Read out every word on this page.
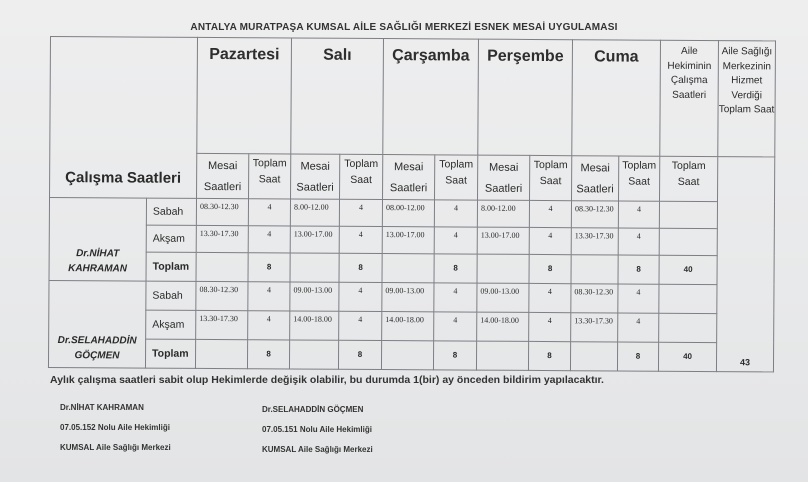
ANTALYA MURATPAŞA KUMSAL AİLE SAĞLIĞI MERKEZİ ESNEK MESAİ UYGULAMASI
Çalışma Saatleri		Pazartesi		Salı		Çarşamba		Perşembe		Cuma		Aile Hekiminin Çalışma Saatleri	Aile Sağlığı Merkezinin Hizmet Verdiği Toplam Saat
		Mesai Saatleri	Toplam Saat	Mesai Saatleri	Toplam Saat	Mesai Saatleri	Toplam Saat	Mesai Saatleri	Toplam Saat	Mesai Saatleri	Toplam Saat	Toplam Saat	43
Dr.NİHAT KAHRAMAN	Sabah	08.30-12.30	4	8.00-12.00	4	08.00-12.00	4	8.00-12.00	4	08.30-12.30	4		
	Akşam	13.30-17.30	4	13.00-17.00	4	13.00-17.00	4	13.00-17.00	4	13.30-17.30	4		
	Toplam		8		8		8		8		8	40	
Dr.SELAHADDİN GÖÇMEN	Sabah	08.30-12.30	4	09.00-13.00	4	09.00-13.00	4	09.00-13.00	4	08.30-12.30	4		
	Akşam	13.30-17.30	4	14.00-18.00	4	14.00-18.00	4	14.00-18.00	4	13.30-17.30	4		
	Toplam		8		8		8		8		8	40	
Aylık çalışma saatleri sabit olup Hekimlerde değişik olabilir, bu durumda 1(bir) ay önceden bildirim yapılacaktır.
Dr.NİHAT KAHRAMAN
07.05.152 Nolu Aile Hekimliği
KUMSAL Aile Sağlığı Merkezi
Dr.SELAHADDİN GÖÇMEN
07.05.151 Nolu Aile Hekimliği
KUMSAL Aile Sağlığı Merkezi
